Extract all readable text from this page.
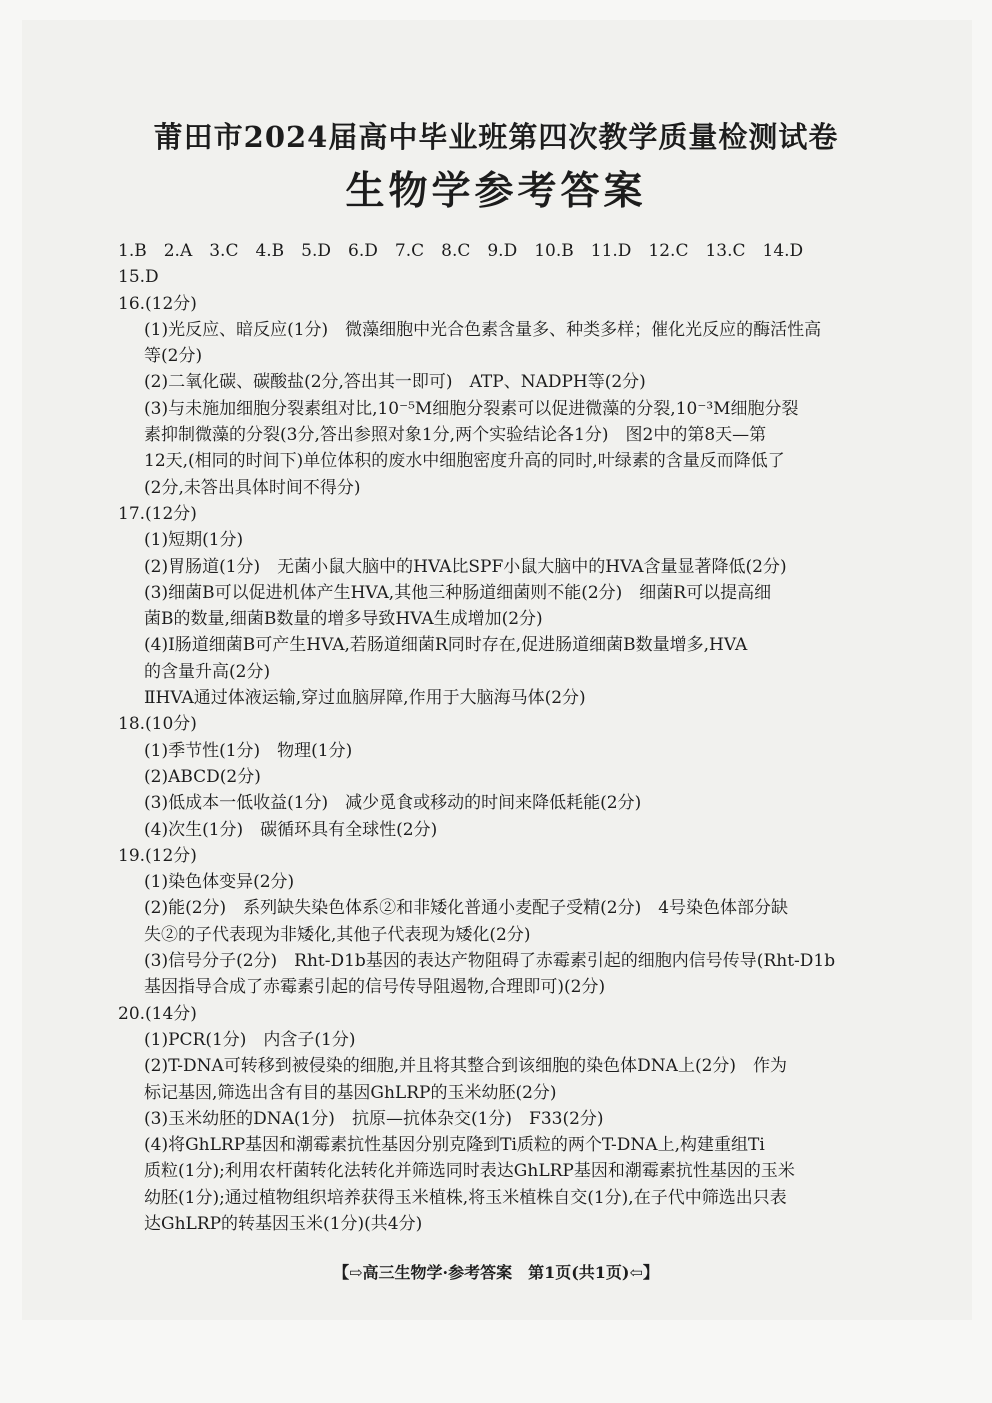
莆田市2024届高中毕业班第四次教学质量检测试卷
生物学参考答案
1.B 2.A 3.C 4.B 5.D 6.D 7.C 8.C 9.D 10.B 11.D 12.C 13.C 14.D
15.D
16.(12分)
(1)光反应、暗反应(1分)　微藻细胞中光合色素含量多、种类多样；催化光反应的酶活性高
等(2分)
(2)二氧化碳、碳酸盐(2分,答出其一即可)　ATP、NADPH等(2分)
(3)与未施加细胞分裂素组对比,10⁻⁵M细胞分裂素可以促进微藻的分裂,10⁻³M细胞分裂
素抑制微藻的分裂(3分,答出参照对象1分,两个实验结论各1分)　图2中的第8天—第
12天,(相同的时间下)单位体积的废水中细胞密度升高的同时,叶绿素的含量反而降低了
(2分,未答出具体时间不得分)
17.(12分)
(1)短期(1分)
(2)胃肠道(1分)　无菌小鼠大脑中的HVA比SPF小鼠大脑中的HVA含量显著降低(2分)
(3)细菌B可以促进机体产生HVA,其他三种肠道细菌则不能(2分)　细菌R可以提高细
菌B的数量,细菌B数量的增多导致HVA生成增加(2分)
(4)Ⅰ肠道细菌B可产生HVA,若肠道细菌R同时存在,促进肠道细菌B数量增多,HVA
的含量升高(2分)
ⅡHVA通过体液运输,穿过血脑屏障,作用于大脑海马体(2分)
18.(10分)
(1)季节性(1分)　物理(1分)
(2)ABCD(2分)
(3)低成本一低收益(1分)　减少觅食或移动的时间来降低耗能(2分)
(4)次生(1分)　碳循环具有全球性(2分)
19.(12分)
(1)染色体变异(2分)
(2)能(2分)　系列缺失染色体系②和非矮化普通小麦配子受精(2分)　4号染色体部分缺
失②的子代表现为非矮化,其他子代表现为矮化(2分)
(3)信号分子(2分)　Rht-D1b基因的表达产物阻碍了赤霉素引起的细胞内信号传导(Rht-D1b
基因指导合成了赤霉素引起的信号传导阻遏物,合理即可)(2分)
20.(14分)
(1)PCR(1分)　内含子(1分)
(2)T-DNA可转移到被侵染的细胞,并且将其整合到该细胞的染色体DNA上(2分)　作为
标记基因,筛选出含有目的基因GhLRP的玉米幼胚(2分)
(3)玉米幼胚的DNA(1分)　抗原—抗体杂交(1分)　F33(2分)
(4)将GhLRP基因和潮霉素抗性基因分别克隆到Ti质粒的两个T-DNA上,构建重组Ti
质粒(1分);利用农杆菌转化法转化并筛选同时表达GhLRP基因和潮霉素抗性基因的玉米
幼胚(1分);通过植物组织培养获得玉米植株,将玉米植株自交(1分),在子代中筛选出只表
达GhLRP的转基因玉米(1分)(共4分)
【⇨高三生物学·参考答案　第1页(共1页)⇦】
